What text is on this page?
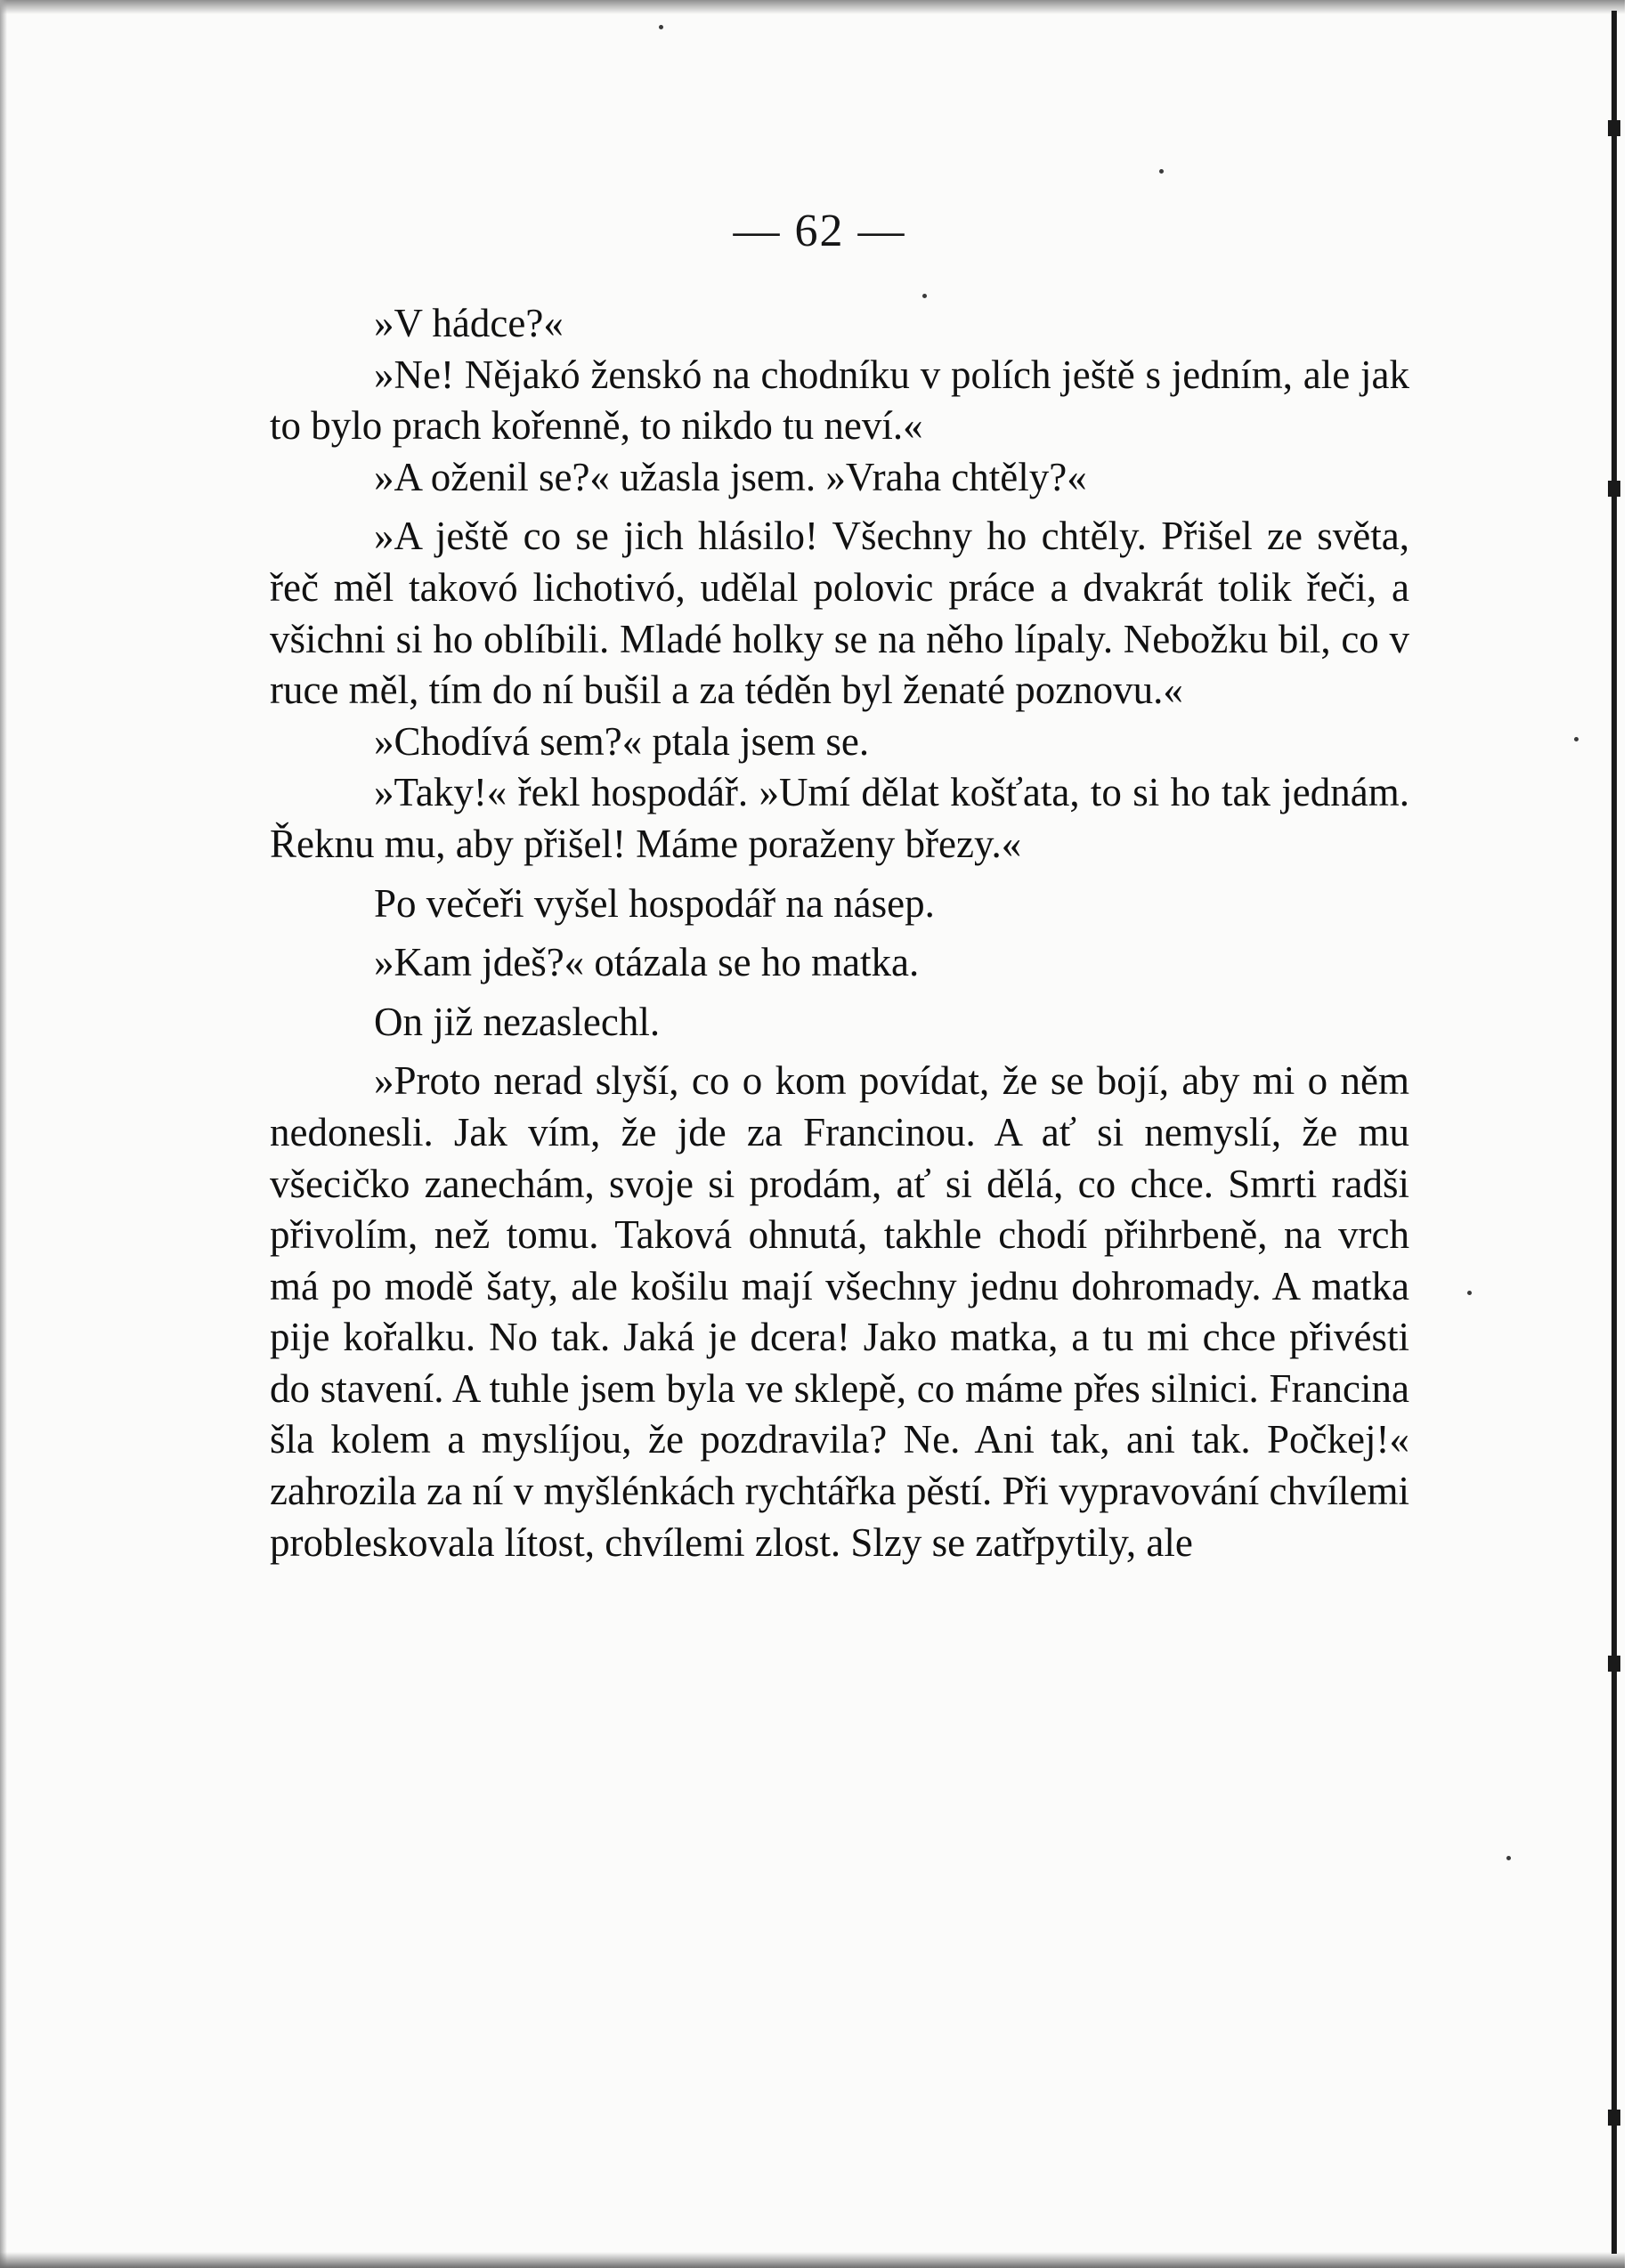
— 62 —

»V hádce?«

»Ne! Nějakó ženskó na chodníku v polích ještě s jedním, ale jak to bylo prach kořenně, to nikdo tu neví.«

»A oženil se?« užasla jsem. »Vraha chtěly?«

»A ještě co se jich hlásilo! Všechny ho chtěly. Přišel ze světa, řeč měl takovó lichotivó, udělal polovic práce a dvakrát tolik řeči, a všichni si ho oblíbili. Mladé holky se na něho lípaly. Nebožku bil, co v ruce měl, tím do ní bušil a za téděn byl ženaté poznovu.«

»Chodívá sem?« ptala jsem se.

»Taky!« řekl hospodář. »Umí dělat košťata, to si ho tak jednám. Řeknu mu, aby přišel! Máme poraženy březy.«

Po večeři vyšel hospodář na násep.

»Kam jdeš?« otázala se ho matka.

On již nezaslechl.

»Proto nerad slyší, co o kom povídat, že se bojí, aby mi o něm nedonesli. Jak vím, že jde za Francinou. A ať si nemyslí, že mu všecičko zanechám, svoje si prodám, ať si dělá, co chce. Smrti radši přivolím, než tomu. Taková ohnutá, takhle chodí přihrbeně, na vrch má po modě šaty, ale košilu mají všechny jednu dohromady. A matka pije kořalku. No tak. Jaká je dcera! Jako matka, a tu mi chce přivésti do stavení. A tuhle jsem byla ve sklepě, co máme přes silnici. Francina šla kolem a myslíjou, že pozdravila? Ne. Ani tak, ani tak. Počkej!« zahrozila za ní v myšlénkách rychtářka pěstí. Při vypravování chvílemi probleskovala lítost, chvílemi zlost. Slzy se zatřpytily, ale
